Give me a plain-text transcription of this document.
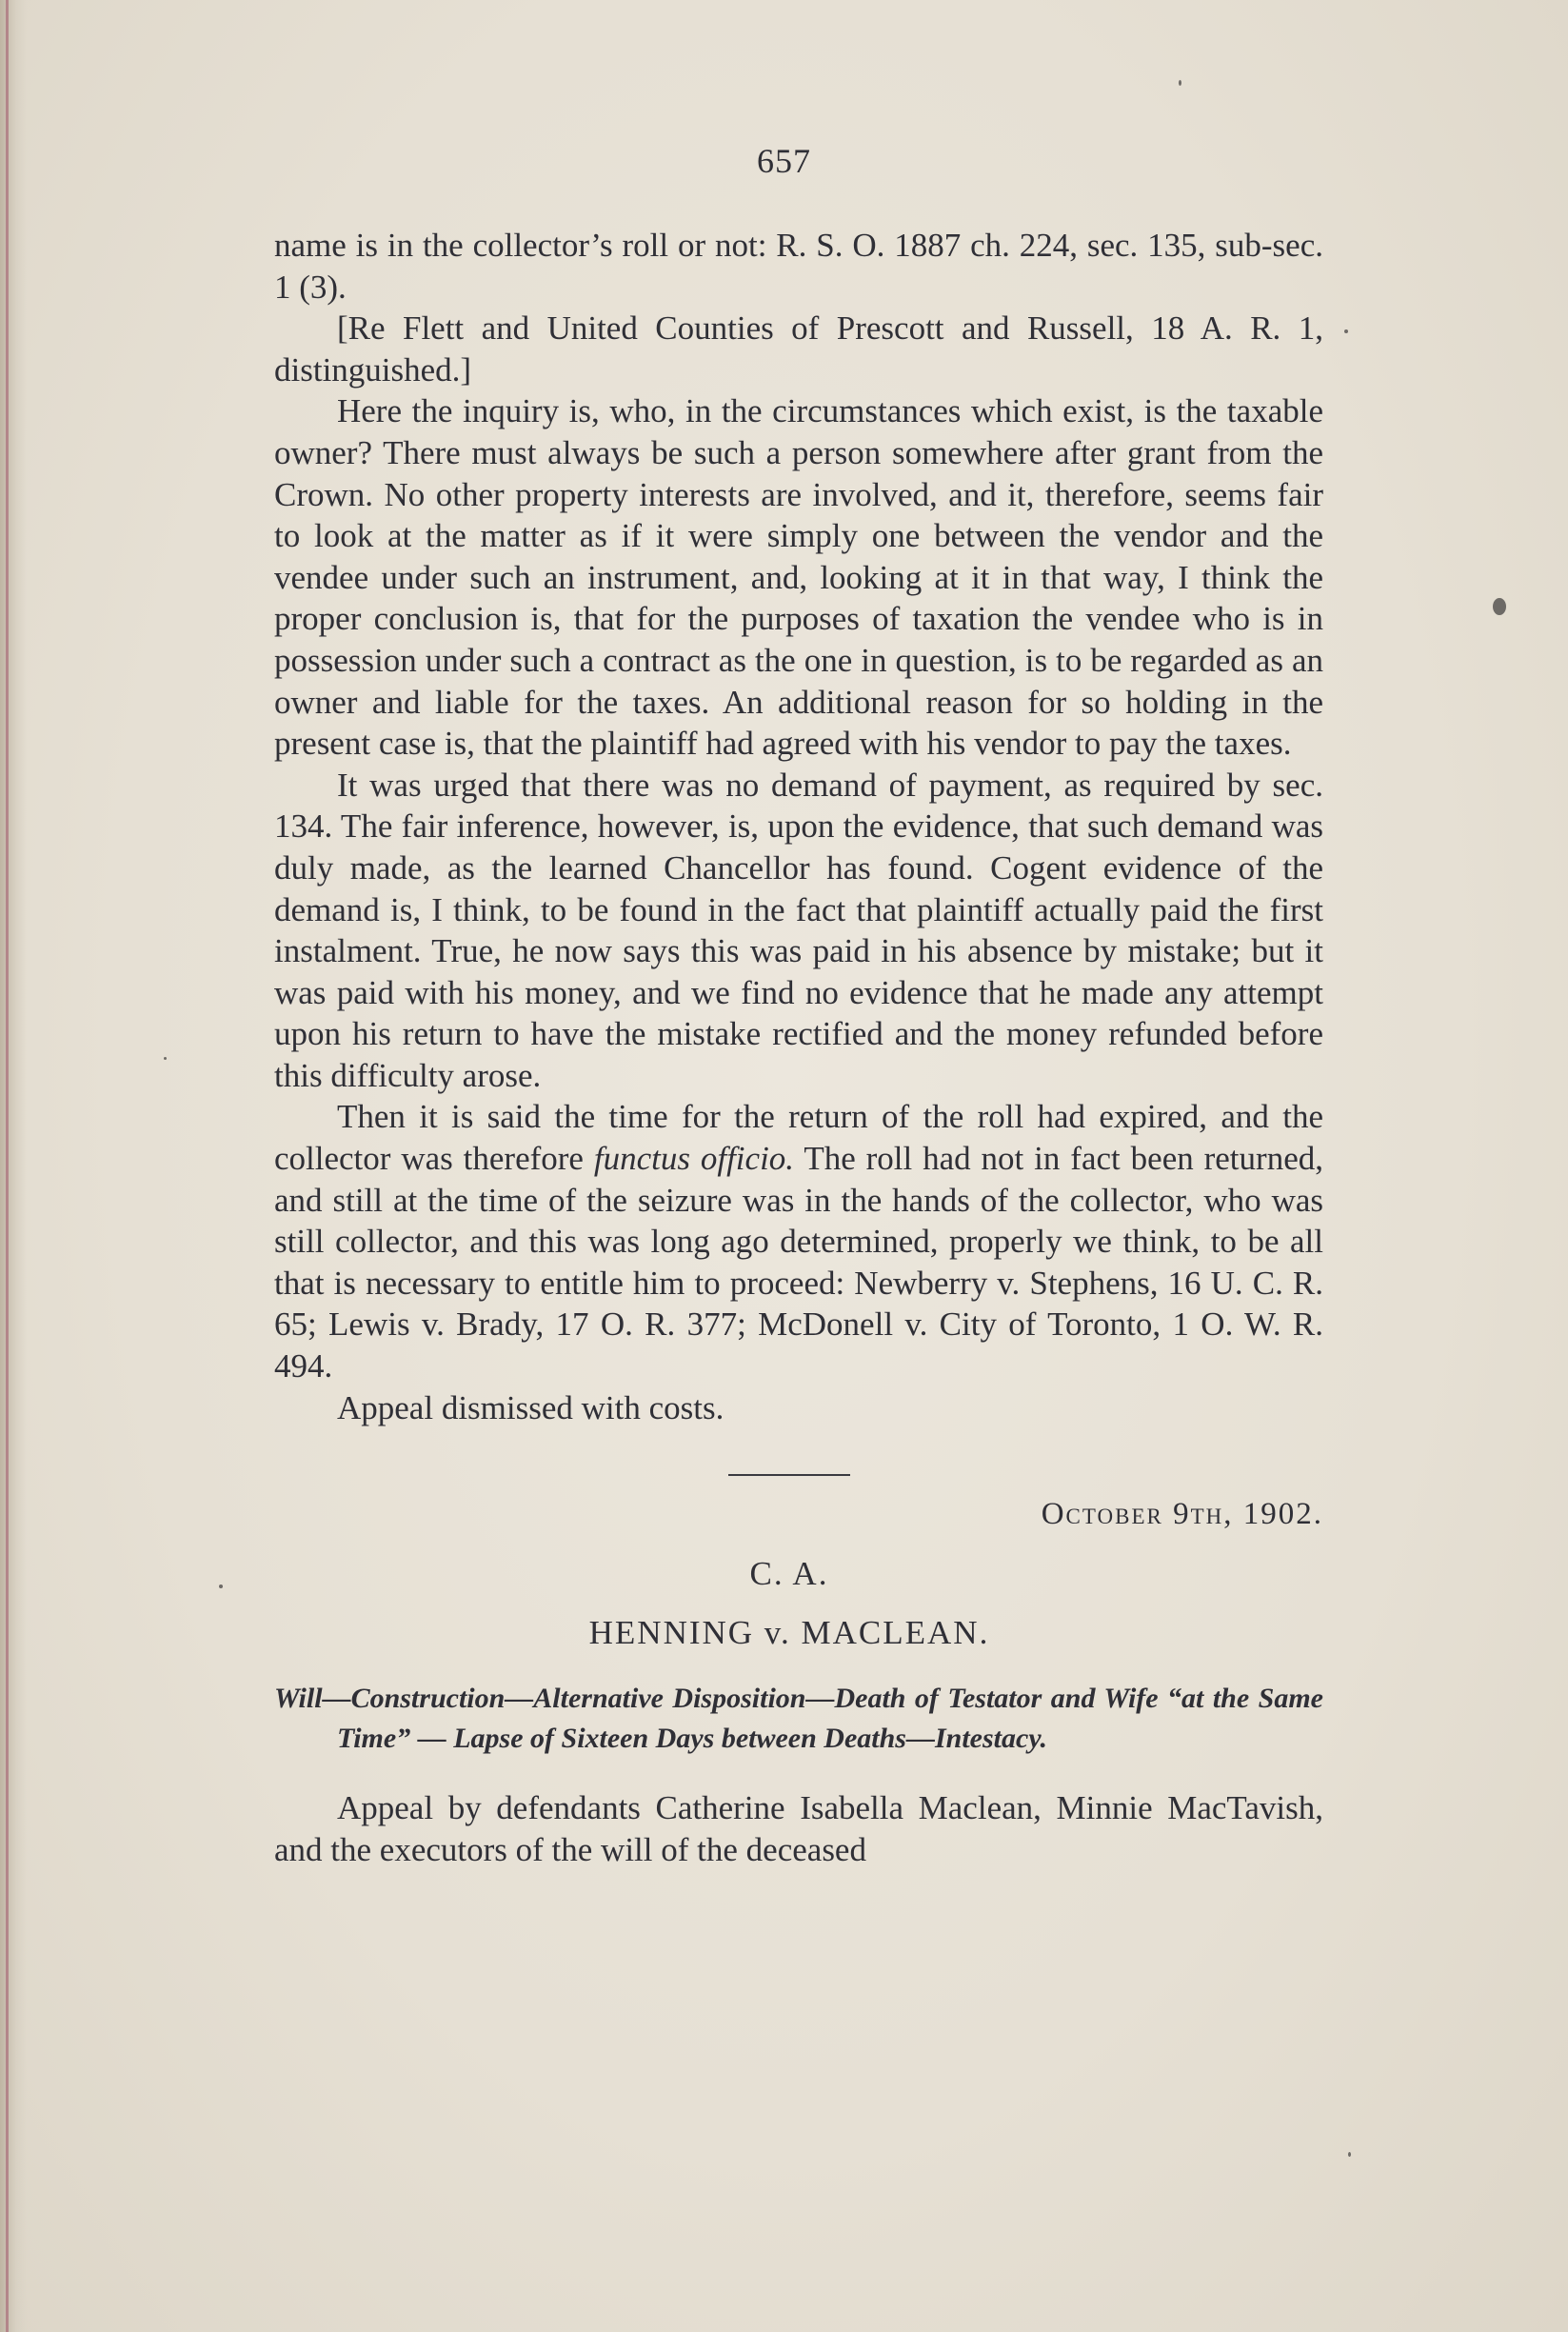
657

name is in the collector’s roll or not: R. S. O. 1887 ch. 224, sec. 135, sub-sec. 1 (3).

[Re Flett and United Counties of Prescott and Russell, 18 A. R. 1, distinguished.]

Here the inquiry is, who, in the circumstances which exist, is the taxable owner? There must always be such a person somewhere after grant from the Crown. No other property interests are involved, and it, therefore, seems fair to look at the matter as if it were simply one between the vendor and the vendee under such an instrument, and, looking at it in that way, I think the proper conclusion is, that for the purposes of taxation the vendee who is in possession under such a contract as the one in question, is to be regarded as an owner and liable for the taxes. An additional reason for so holding in the present case is, that the plaintiff had agreed with his vendor to pay the taxes.

It was urged that there was no demand of payment, as required by sec. 134. The fair inference, however, is, upon the evidence, that such demand was duly made, as the learned Chancellor has found. Cogent evidence of the demand is, I think, to be found in the fact that plaintiff actually paid the first instalment. True, he now says this was paid in his absence by mistake; but it was paid with his money, and we find no evidence that he made any attempt upon his return to have the mistake rectified and the money refunded before this difficulty arose.

Then it is said the time for the return of the roll had expired, and the collector was therefore functus officio. The roll had not in fact been returned, and still at the time of the seizure was in the hands of the collector, who was still collector, and this was long ago determined, properly we think, to be all that is necessary to entitle him to proceed: Newberry v. Stephens, 16 U. C. R. 65; Lewis v. Brady, 17 O. R. 377; McDonell v. City of Toronto, 1 O. W. R. 494.

Appeal dismissed with costs.

October 9th, 1902.
C. A.
HENNING v. MACLEAN.
Will—Construction—Alternative Disposition—Death of Testator and Wife “at the Same Time” — Lapse of Sixteen Days between Deaths—Intestacy.

Appeal by defendants Catherine Isabella Maclean, Minnie MacTavish, and the executors of the will of the deceased
